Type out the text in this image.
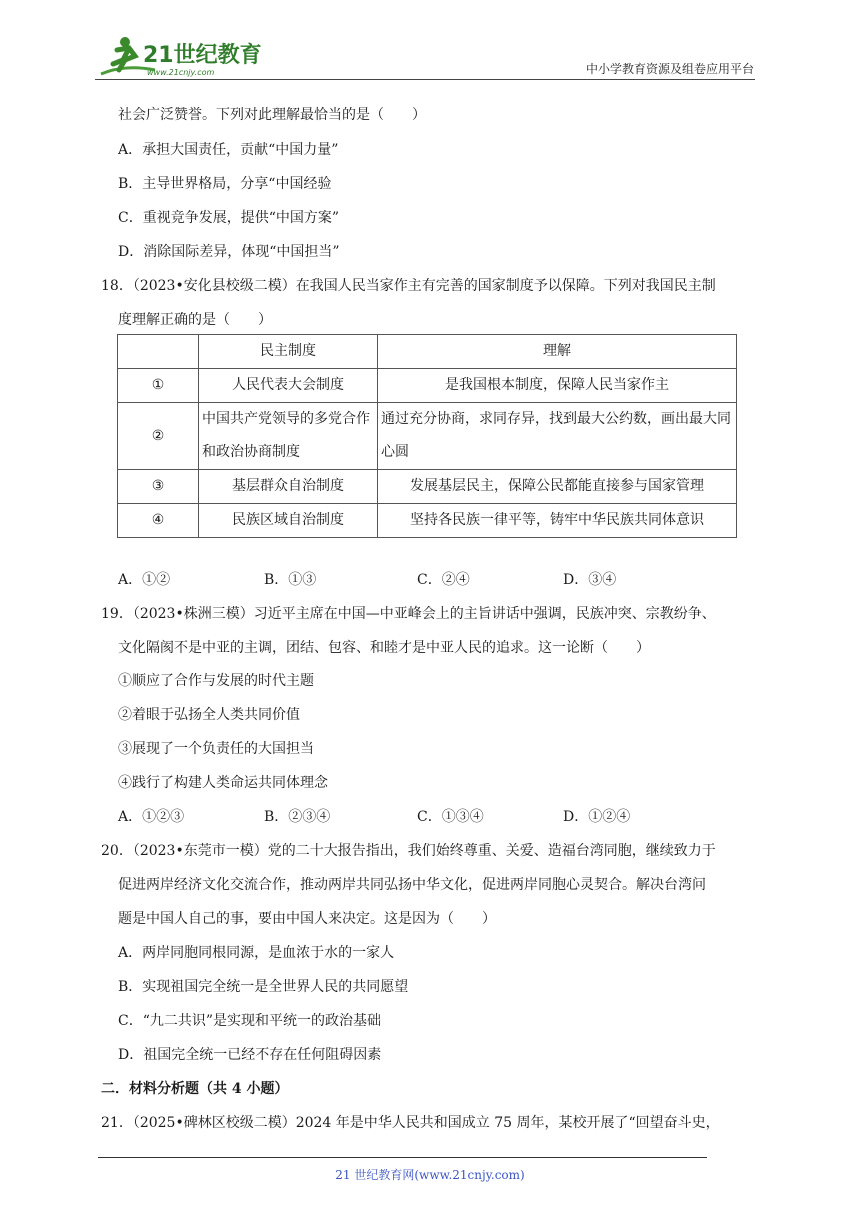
21世纪教育
www.21cnjy.com	中小学教育资源及组卷应用平台
社会广泛赞誉。下列对此理解最恰当的是（　　）
A．承担大国责任，贡献“中国力量”
B．主导世界格局，分享“中国经验
C．重视竞争发展，提供“中国方案”
D．消除国际差异，体现“中国担当”
18．（2023•安化县校级二模）在我国人民当家作主有完善的国家制度予以保障。下列对我国民主制
度理解正确的是（　　）
	民主制度	理解
①	人民代表大会制度	是我国根本制度，保障人民当家作主
②	中国共产党领导的多党合作和政治协商制度	通过充分协商，求同存异，找到最大公约数，画出最大同心圆
③	基层群众自治制度	发展基层民主，保障公民都能直接参与国家管理
④	民族区域自治制度	坚持各民族一律平等，铸牢中华民族共同体意识
A．①②	B．①③	C．②④	D．③④
19．（2023•株洲三模）习近平主席在中国—中亚峰会上的主旨讲话中强调，民族冲突、宗教纷争、
文化隔阂不是中亚的主调，团结、包容、和睦才是中亚人民的追求。这一论断（　　）
①顺应了合作与发展的时代主题
②着眼于弘扬全人类共同价值
③展现了一个负责任的大国担当
④践行了构建人类命运共同体理念
A．①②③	B．②③④	C．①③④	D．①②④
20．（2023•东莞市一模）党的二十大报告指出，我们始终尊重、关爱、造福台湾同胞，继续致力于
促进两岸经济文化交流合作，推动两岸共同弘扬中华文化，促进两岸同胞心灵契合。解决台湾问
题是中国人自己的事，要由中国人来决定。这是因为（　　）
A．两岸同胞同根同源，是血浓于水的一家人
B．实现祖国完全统一是全世界人民的共同愿望
C．“九二共识”是实现和平统一的政治基础
D．祖国完全统一已经不存在任何阻碍因素
二．材料分析题（共 4 小题）
21．（2025•碑林区校级二模）2024 年是中华人民共和国成立 75 周年，某校开展了“回望奋斗史，
21 世纪教育网(www.21cnjy.com)
